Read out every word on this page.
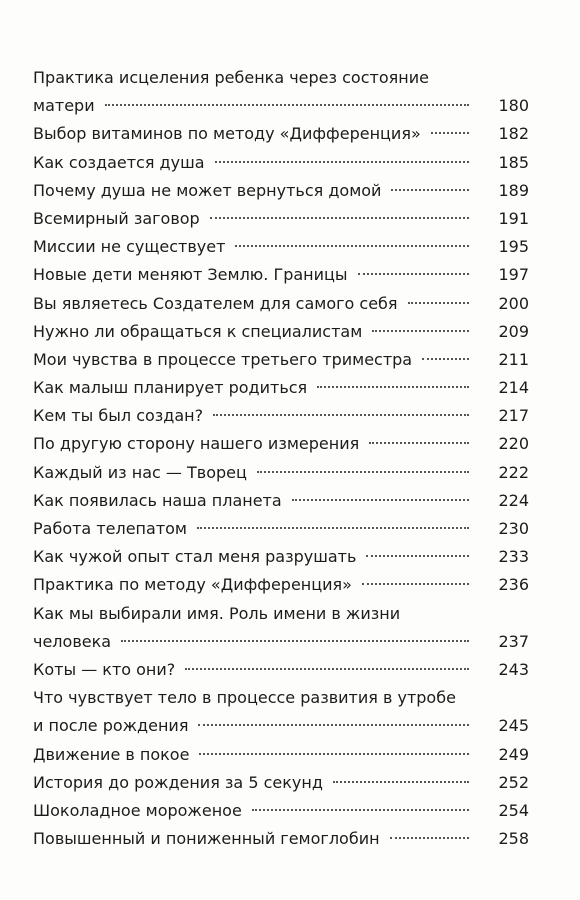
Практика исцеления ребенка через состояние
матери	180
Выбор витаминов по методу «Дифференция»	182
Как создается душа	185
Почему душа не может вернуться домой	189
Всемирный заговор	191
Миссии не существует	195
Новые дети меняют Землю. Границы	197
Вы являетесь Создателем для самого себя	200
Нужно ли обращаться к специалистам	209
Мои чувства в процессе третьего триместра	211
Как малыш планирует родиться	214
Кем ты был создан?	217
По другую сторону нашего измерения	220
Каждый из нас — Творец	222
Как появилась наша планета	224
Работа телепатом	230
Как чужой опыт стал меня разрушать	233
Практика по методу «Дифференция»	236
Как мы выбирали имя. Роль имени в жизни
человека	237
Коты — кто они?	243
Что чувствует тело в процессе развития в утробе
и после рождения	245
Движение в покое	249
История до рождения за 5 секунд	252
Шоколадное мороженое	254
Повышенный и пониженный гемоглобин	258
